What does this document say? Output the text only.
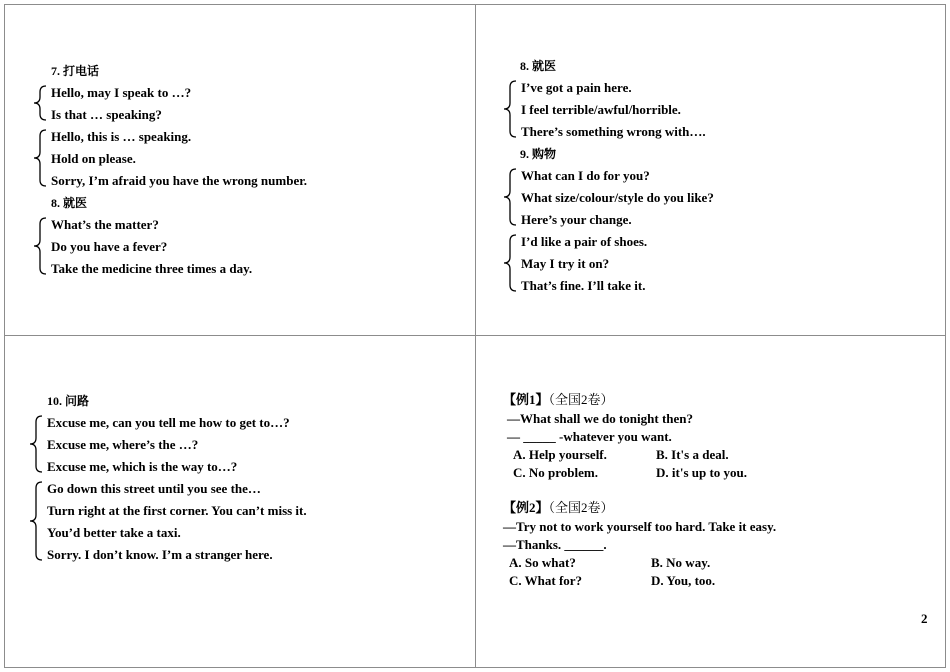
7. 打电话
Hello, may I speak to …?
Is that … speaking?
Hello, this is … speaking.
Hold on please.
Sorry, I’m afraid you have the wrong number.
8. 就医
What’s the matter?
Do you have a fever?
Take the medicine three times a day.
8. 就医
I’ve got a pain here.
I feel terrible/awful/horrible.
There’s something wrong with….
9. 购物
What can I do for you?
What size/colour/style do you like?
Here’s your change.
I’d like a pair of shoes.
May I try it on?
That’s fine. I’ll take it.
10. 问路
Excuse me, can you tell me how to get to…?
Excuse me, where’s the …?
Excuse me, which is the way to…?
Go down this street until you see the…
Turn right at the first corner. You can’t miss it.
You’d better take a taxi.
Sorry. I don’t know. I’m a stranger here.
【例1】（全国2卷）
—What shall we do tonight then?
— _____ -whatever you want.
A. Help yourself.	B. It's a deal.
C. No problem.	D. it's up to you.
【例2】（全国2卷）
—Try not to work yourself too hard. Take it easy.
—Thanks. ______.
A. So what?	B. No way.
C. What for?	D. You, too.
2
